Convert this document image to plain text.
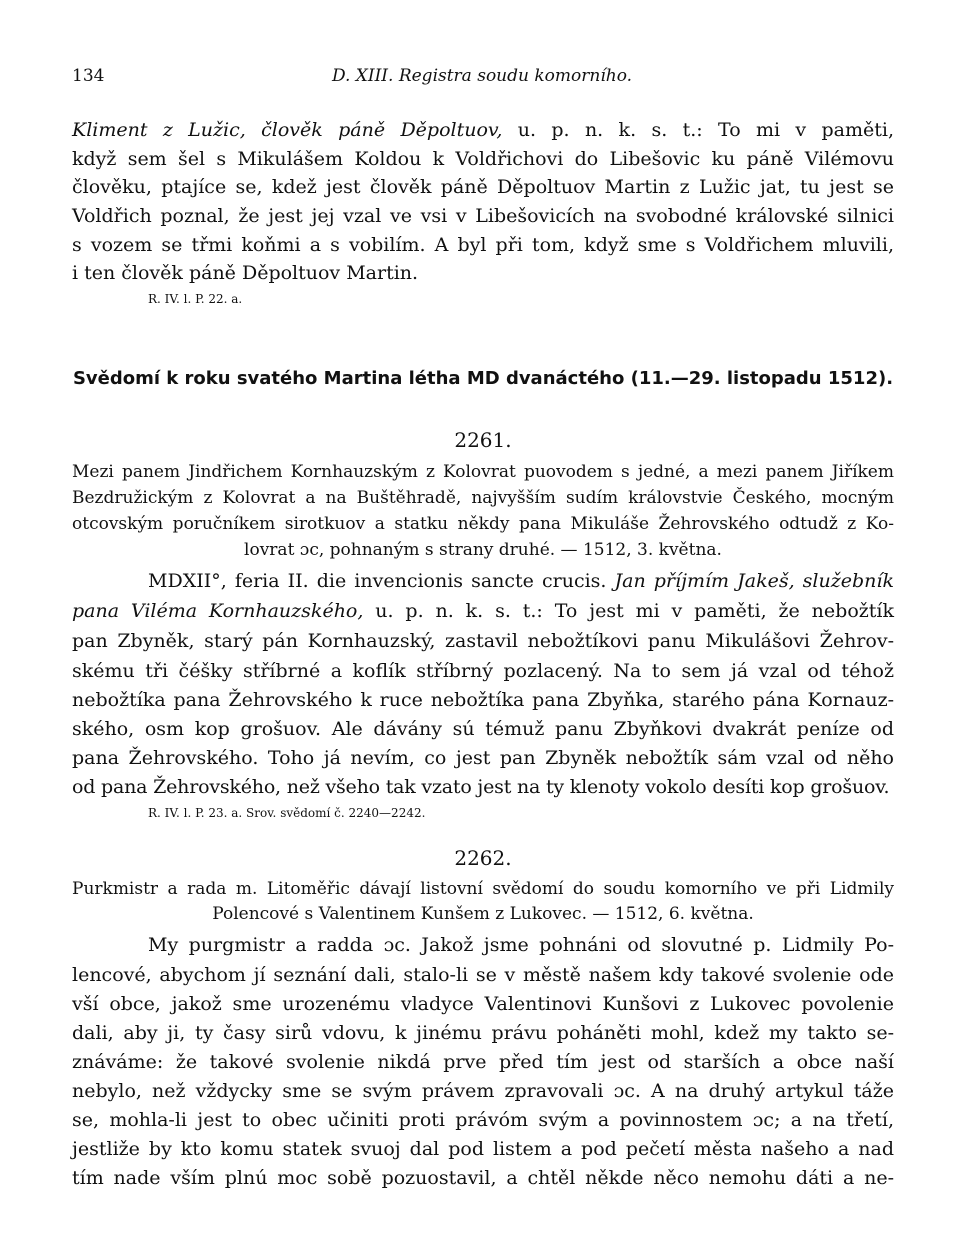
134	D. XIII. Registra soudu komorního.
Kliment z Lužic, člověk páně Děpoltuov, u. p. n. k. s. t.: To mi v paměti,
když sem šel s Mikulášem Koldou k Voldřichovi do Libešovic ku páně Vilémovu
člověku, ptajíce se, kdež jest člověk páně Děpoltuov Martin z Lužic jat, tu jest se
Voldřich poznal, že jest jej vzal ve vsi v Libešovicích na svobodné královské silnici
s vozem se třmi koňmi a s vobilím. A byl při tom, když sme s Voldřichem mluvili,
i ten člověk páně Děpoltuov Martin.
R. IV. l. P. 22. a.
Svědomí k roku svatého Martina létha MD dvanáctého (11.—29. listopadu 1512).
2261.
Mezi panem Jindřichem Kornhauzským z Kolovrat puovodem s jedné, a mezi panem Jiříkem
Bezdružickým z Kolovrat a na Buštěhradě, najvyšším sudím královstvie Českého, mocným
otcovským poručníkem sirotkuov a statku někdy pana Mikuláše Žehrovského odtudž z Ko-
lovrat ɔc, pohnaným s strany druhé. — 1512, 3. května.
MDXII°, feria II. die invencionis sancte crucis. Jan příjmím Jakeš, služebník
pana Viléma Kornhauzského, u. p. n. k. s. t.: To jest mi v paměti, že nebožtík
pan Zbyněk, starý pán Kornhauzský, zastavil nebožtíkovi panu Mikulášovi Žehrov-
skému tři čéšky stříbrné a koflík stříbrný pozlacený. Na to sem já vzal od téhož
nebožtíka pana Žehrovského k ruce nebožtíka pana Zbyňka, starého pána Kornauz-
ského, osm kop grošuov. Ale dávány sú témuž panu Zbyňkovi dvakrát peníze od
pana Žehrovského. Toho já nevím, co jest pan Zbyněk nebožtík sám vzal od něho
od pana Žehrovského, než všeho tak vzato jest na ty klenoty vokolo desíti kop grošuov.
R. IV. l. P. 23. a. Srov. svědomí č. 2240—2242.
2262.
Purkmistr a rada m. Litoměřic dávají listovní svědomí do soudu komorního ve při Lidmily
Polencové s Valentinem Kunšem z Lukovec. — 1512, 6. května.
My purgmistr a radda ɔc. Jakož jsme pohnáni od slovutné p. Lidmily Po-
lencové, abychom jí seznání dali, stalo-li se v městě našem kdy takové svolenie ode
vší obce, jakož sme urozenému vladyce Valentinovi Kunšovi z Lukovec povolenie
dali, aby ji, ty časy sirů vdovu, k jinému právu poháněti mohl, kdež my takto se-
znáváme: že takové svolenie nikdá prve před tím jest od starších a obce naší
nebylo, než vždycky sme se svým právem zpravovali ɔc. A na druhý artykul táže
se, mohla-li jest to obec učiniti proti právóm svým a povinnostem ɔc; a na třetí,
jestliže by kto komu statek svuoj dal pod listem a pod pečetí města našeho a nad
tím nade vším plnú moc sobě pozuostavil, a chtěl někde něco nemohu dáti a ne-
